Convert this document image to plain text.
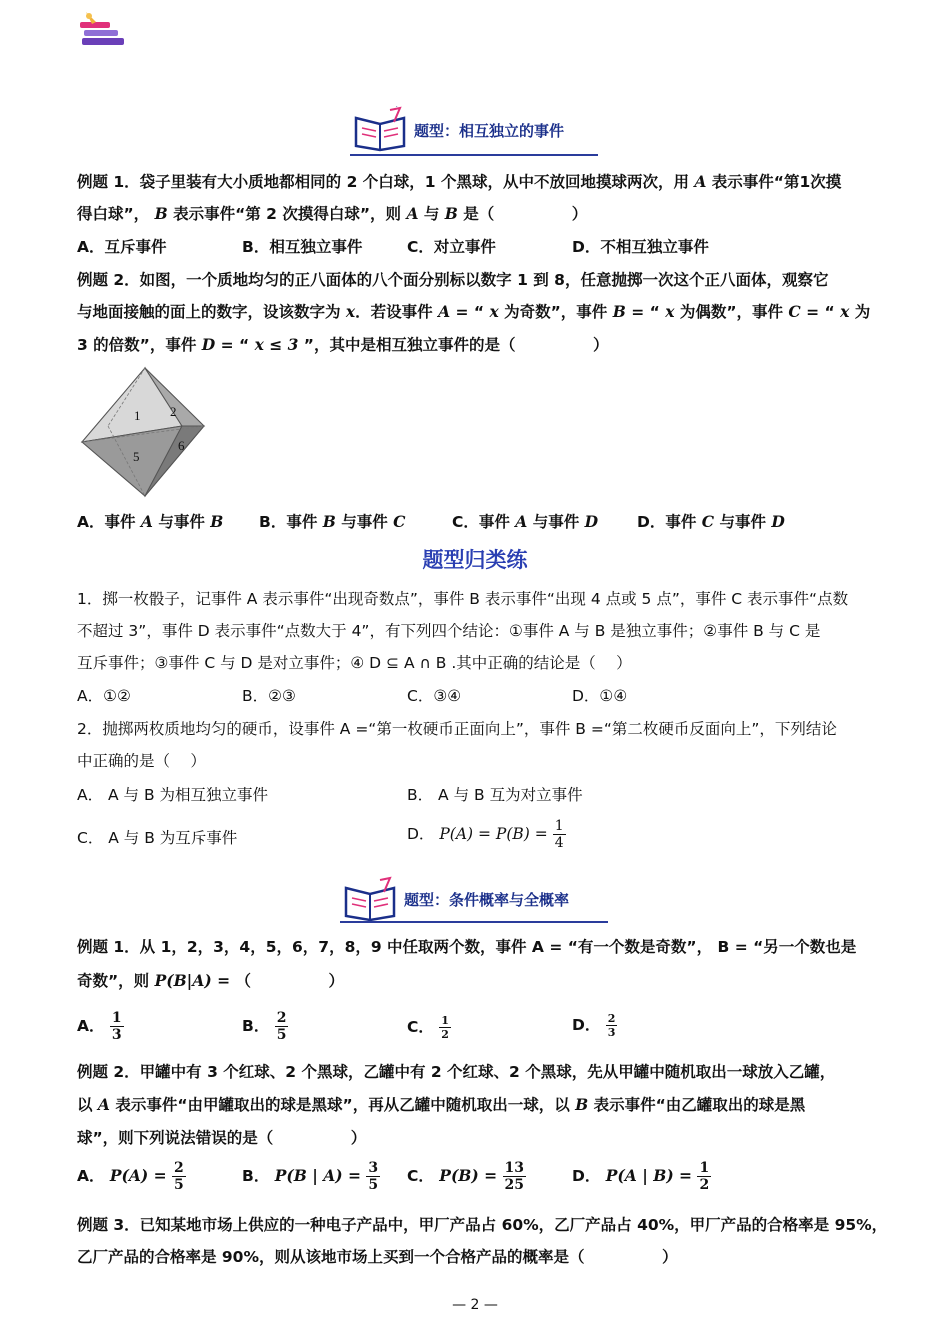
题型：相互独立的事件
例题 1．袋子里装有大小质地都相同的 2 个白球，1 个黑球，从中不放回地摸球两次，用 A 表示事件“第1次摸
得白球”， B 表示事件“第 2 次摸得白球”，则 A 与 B 是（　　　　　）
A．互斥事件	B．相互独立事件	C．对立事件	D．不相互独立事件
例题 2．如图，一个质地均匀的正八面体的八个面分别标以数字 1 到 8，任意抛掷一次这个正八面体，观察它
与地面接触的面上的数字，设该数字为 x．若设事件 A = “ x 为奇数”，事件 B = “ x 为偶数”，事件 C = “ x 为
3 的倍数”，事件 D = “ x ≤ 3 ”，其中是相互独立事件的是（　　　　　）
1 2
5
6
A．事件 A 与事件 B B．事件 B 与事件 C	C．事件 A 与事件 D	D．事件 C 与事件 D
题型归类练
1．掷一枚骰子，记事件 A 表示事件“出现奇数点”，事件 B 表示事件“出现 4 点或 5 点”，事件 C 表示事件“点数
不超过 3”，事件 D 表示事件“点数大于 4”，有下列四个结论：①事件 A 与 B 是独立事件；②事件 B 与 C 是
互斥事件；③事件 C 与 D 是对立事件；④ D ⊆ A ∩ B .其中正确的结论是（　 ）
A．①②	B．②③	C．③④	D．①④
2．抛掷两枚质地均匀的硬币，设事件 A =“第一枚硬币正面向上”，事件 B =“第二枚硬币反面向上”，下列结论
中正确的是（　 ）
A． A 与 B 为相互独立事件	B． A 与 B 互为对立事件
C． A 与 B 为互斥事件	D． $P(A) = P(B) = \frac{1}{4}$
题型：条件概率与全概率
例题 1．从 1，2，3，4，5，6，7，8，9 中任取两个数，事件 A = “有一个数是奇数”， B = “另一个数也是
奇数”，则 P(B|A) = （　　　　　）
A． $\frac{1}{3}$	B． $\frac{2}{5}$	C． $\frac{1}{2}$	D． $\frac{2}{3}$
例题 2．甲罐中有 3 个红球、2 个黑球，乙罐中有 2 个红球、2 个黑球，先从甲罐中随机取出一球放入乙罐，
以 A 表示事件“由甲罐取出的球是黑球”，再从乙罐中随机取出一球，以 B 表示事件“由乙罐取出的球是黑
球”，则下列说法错误的是（　　　　　）
A． $P(A) = \frac{2}{5}$	B． P(B | $A) = \frac{3}{5}$ C． $P(B) = \frac{13}{25}$	D． P(A | $B) = \frac{1}{2}$
例题 3．已知某地市场上供应的一种电子产品中，甲厂产品占 60%，乙厂产品占 40%，甲厂产品的合格率是 95%，
乙厂产品的合格率是 90%，则从该地市场上买到一个合格产品的概率是（　　　　　）
— 2 —
